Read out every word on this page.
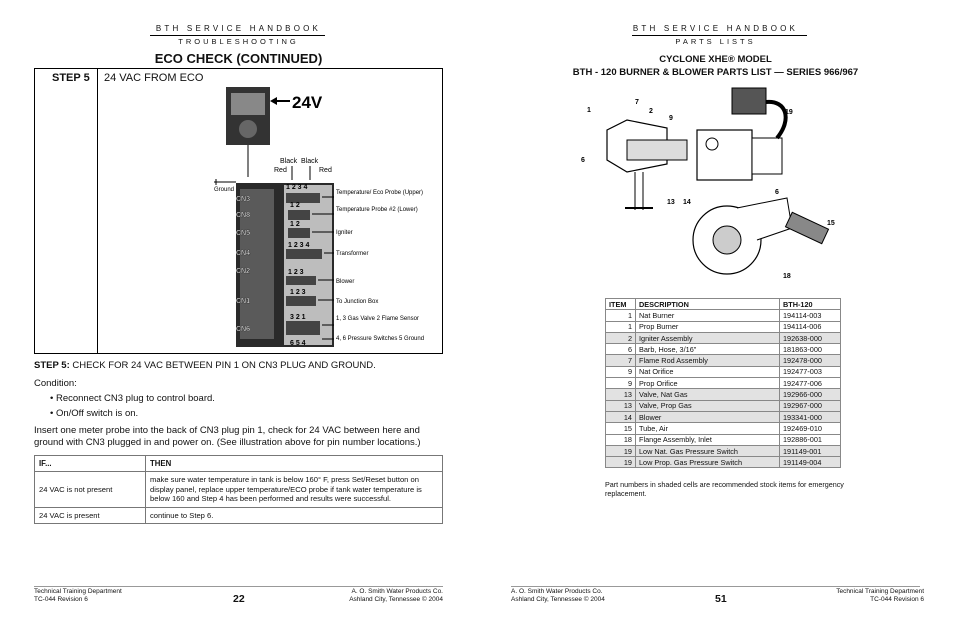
BTH SERVICE HANDBOOK
TROUBLESHOOTING
ECO CHECK (CONTINUED)
STEP 5 24 VAC FROM ECO
24V
Black Black
Red	Red
Ground
CN3
1 2 3 4
Temperature/ Eco Probe (Upper)
CN8
1 2
Temperature Probe #2 (Lower)
CN5
1 2
Igniter
CN4
1 2 3 4
Transformer
CN2	1 2 3
Blower
CN1
1 2 3
To Junction Box
CN6
3 2 1	1, 3 Gas Valve 2 Flame Sensor
6 5 4
4, 6 Pressure Switches 5 Ground
STEP 5: CHECK FOR 24 VAC BETWEEN PIN 1 ON CN3 PLUG AND GROUND.
Condition:
• Reconnect CN3 plug to control board.
• On/Off switch is on.
Insert one meter probe into the back of CN3 plug pin 1, check for 24 VAC between here and ground with CN3 plugged in and power on. (See illustration above for pin number locations.)
IF...	THEN
24 VAC is not present	make sure water temperature in tank is below 160° F, press Set/Reset button on display panel, replace upper temperature/ECO probe if tank water temperature is below 160 and Step 4 has been performed and results were successful.
24 VAC is present	continue to Step 6.
Technical Training Department
TC-044 Revision 6	22
A. O. Smith Water Products Co.
Ashland City, Tennessee © 2004
BTH SERVICE HANDBOOK
PARTS LISTS
CYCLONE XHE® MODEL
BTH - 120 BURNER & BLOWER PARTS LIST — SERIES 966/967
1
7
2
9
6
19
13 14
6
15
18
ITEM	DESCRIPTION	BTH-120
1	Nat Burner	194114-003
1	Prop Burner	194114-006
2	Igniter Assembly	192638-000
6	Barb, Hose, 3/16"	181863-000
7	Flame Rod Assembly	192478-000
9	Nat Orifice	192477-003
9	Prop Orifice	192477-006
13	Valve, Nat Gas	192966-000
13	Valve, Prop Gas	192967-000
14	Blower	193341-000
15	Tube, Air	192469-010
18	Flange Assembly, Inlet	192886-001
19	Low Nat. Gas Pressure Switch	191149-001
19	Low Prop. Gas Pressure Switch	191149-004
Part numbers in shaded cells are recommended stock items for emergency replacement.
A. O. Smith Water Products Co.
Ashland City, Tennessee © 2004	51
Technical Training Department
TC-044 Revision 6
